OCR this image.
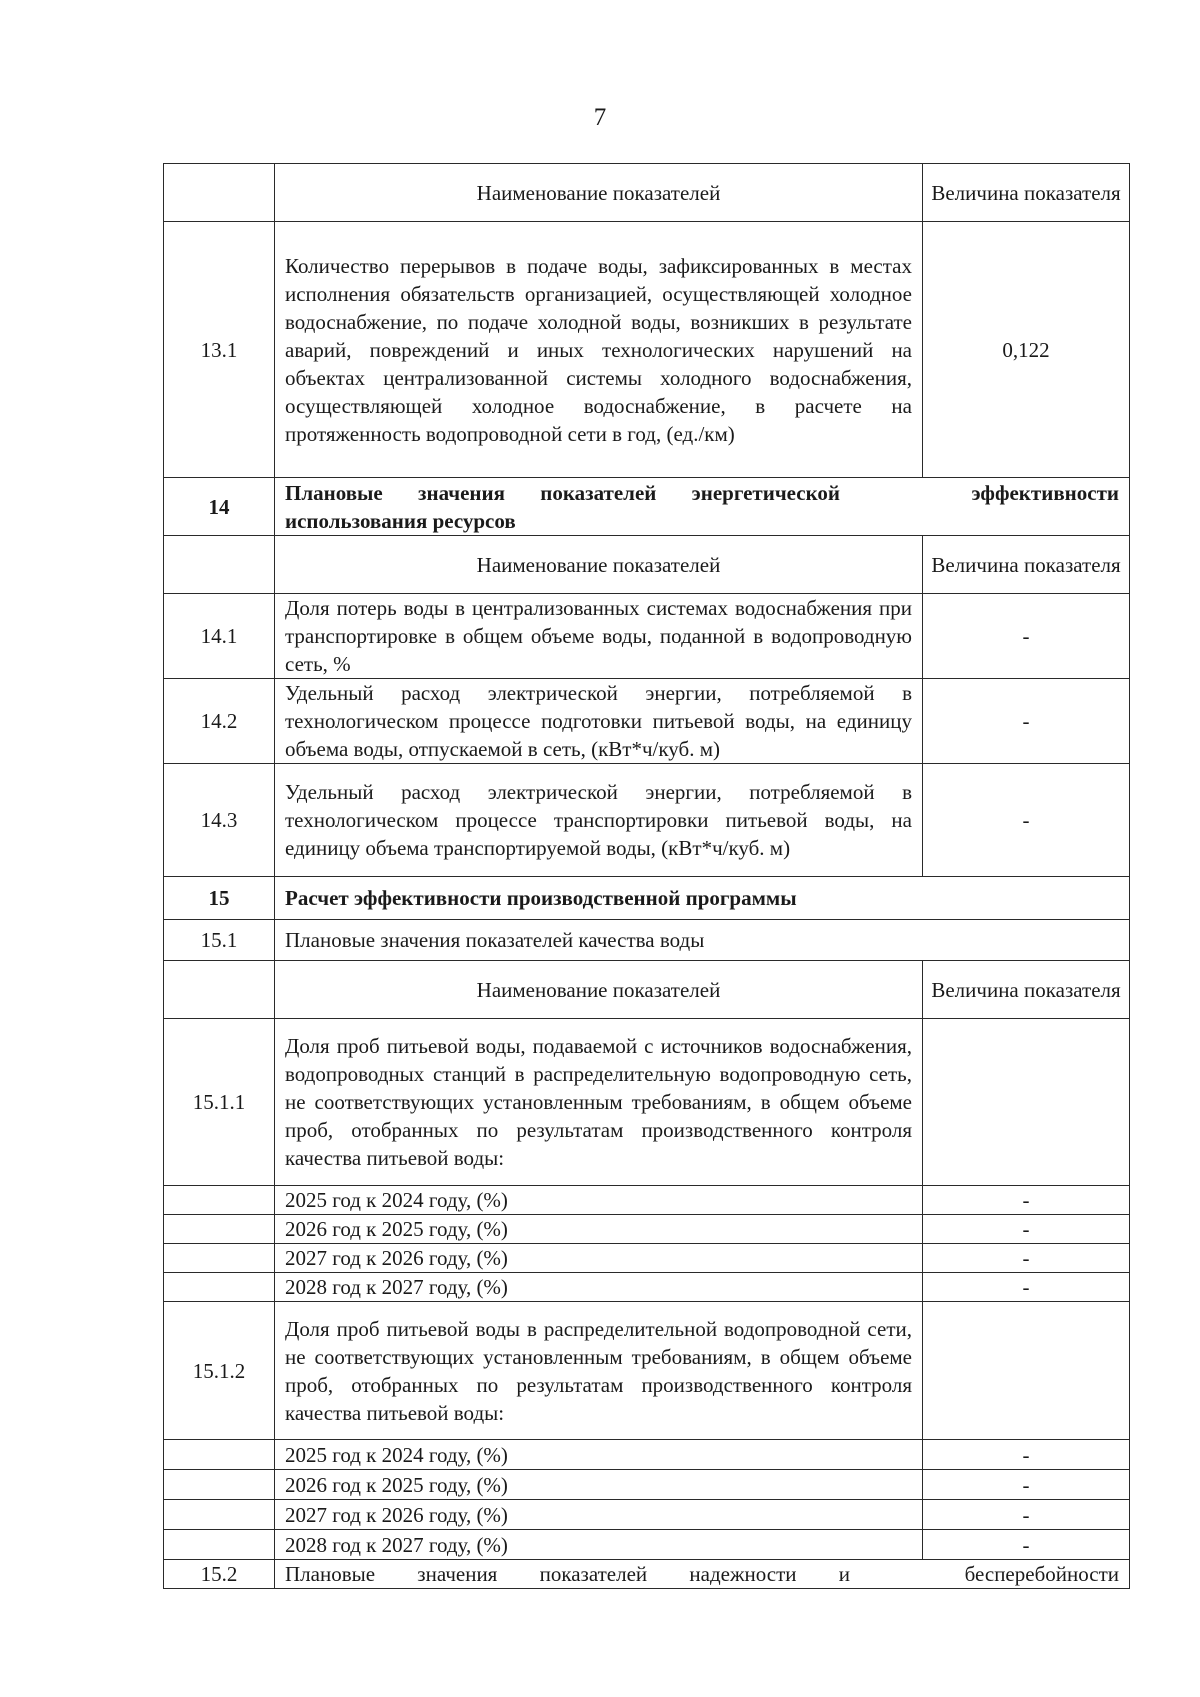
7
	Наименование показателей	Величина показателя
13.1	Количество перерывов в подаче воды, зафиксированных в местах исполнения обязательств организацией, осуществляющей холодное водоснабжение, по подаче холодной воды, возникших в результате аварий, повреждений и иных технологических нарушений на объектах централизованной системы холодного водоснабжения, осуществляющей холодное водоснабжение, в расчете на протяженность водопроводной сети в год, (ед./км)	0,122
14	Плановые значения показателей энергетической эффективности
использования ресурсов	

	Наименование показателей	Величина показателя
14.1	Доля потерь воды в централизованных системах водоснабжения при транспортировке в общем объеме воды, поданной в водопроводную сеть, %	-
14.2	Удельный расход электрической энергии, потребляемой в технологическом процессе подготовки питьевой воды, на единицу объема воды, отпускаемой в сеть, (кВт*ч/куб. м)	-
14.3	Удельный расход электрической энергии, потребляемой в технологическом процессе транспортировки питьевой воды, на единицу объема транспортируемой воды, (кВт*ч/куб. м)	-
15	Расчет эффективности производственной программы	
15.1	Плановые значения показателей качества воды	
	Наименование показателей	Величина показателя
15.1.1	Доля проб питьевой воды, подаваемой с источников водоснабжения, водопроводных станций в распределительную водопроводную сеть, не соответствующих установленным требованиям, в общем объеме проб, отобранных по результатам производственного контроля качества питьевой воды:	
	2025 год к 2024 году, (%)	-
	2026 год к 2025 году, (%)	-
	2027 год к 2026 году, (%)	-
	2028 год к 2027 году, (%)	-
15.1.2	Доля проб питьевой воды в распределительной водопроводной сети, не соответствующих установленным требованиям, в общем объеме проб, отобранных по результатам производственного контроля качества питьевой воды:	
	2025 год к 2024 году, (%)	-
	2026 год к 2025 году, (%)	-
	2027 год к 2026 году, (%)	-
	2028 год к 2027 году, (%)	-
15.2	Плановые значения показателей надежности и бесперебойности	
